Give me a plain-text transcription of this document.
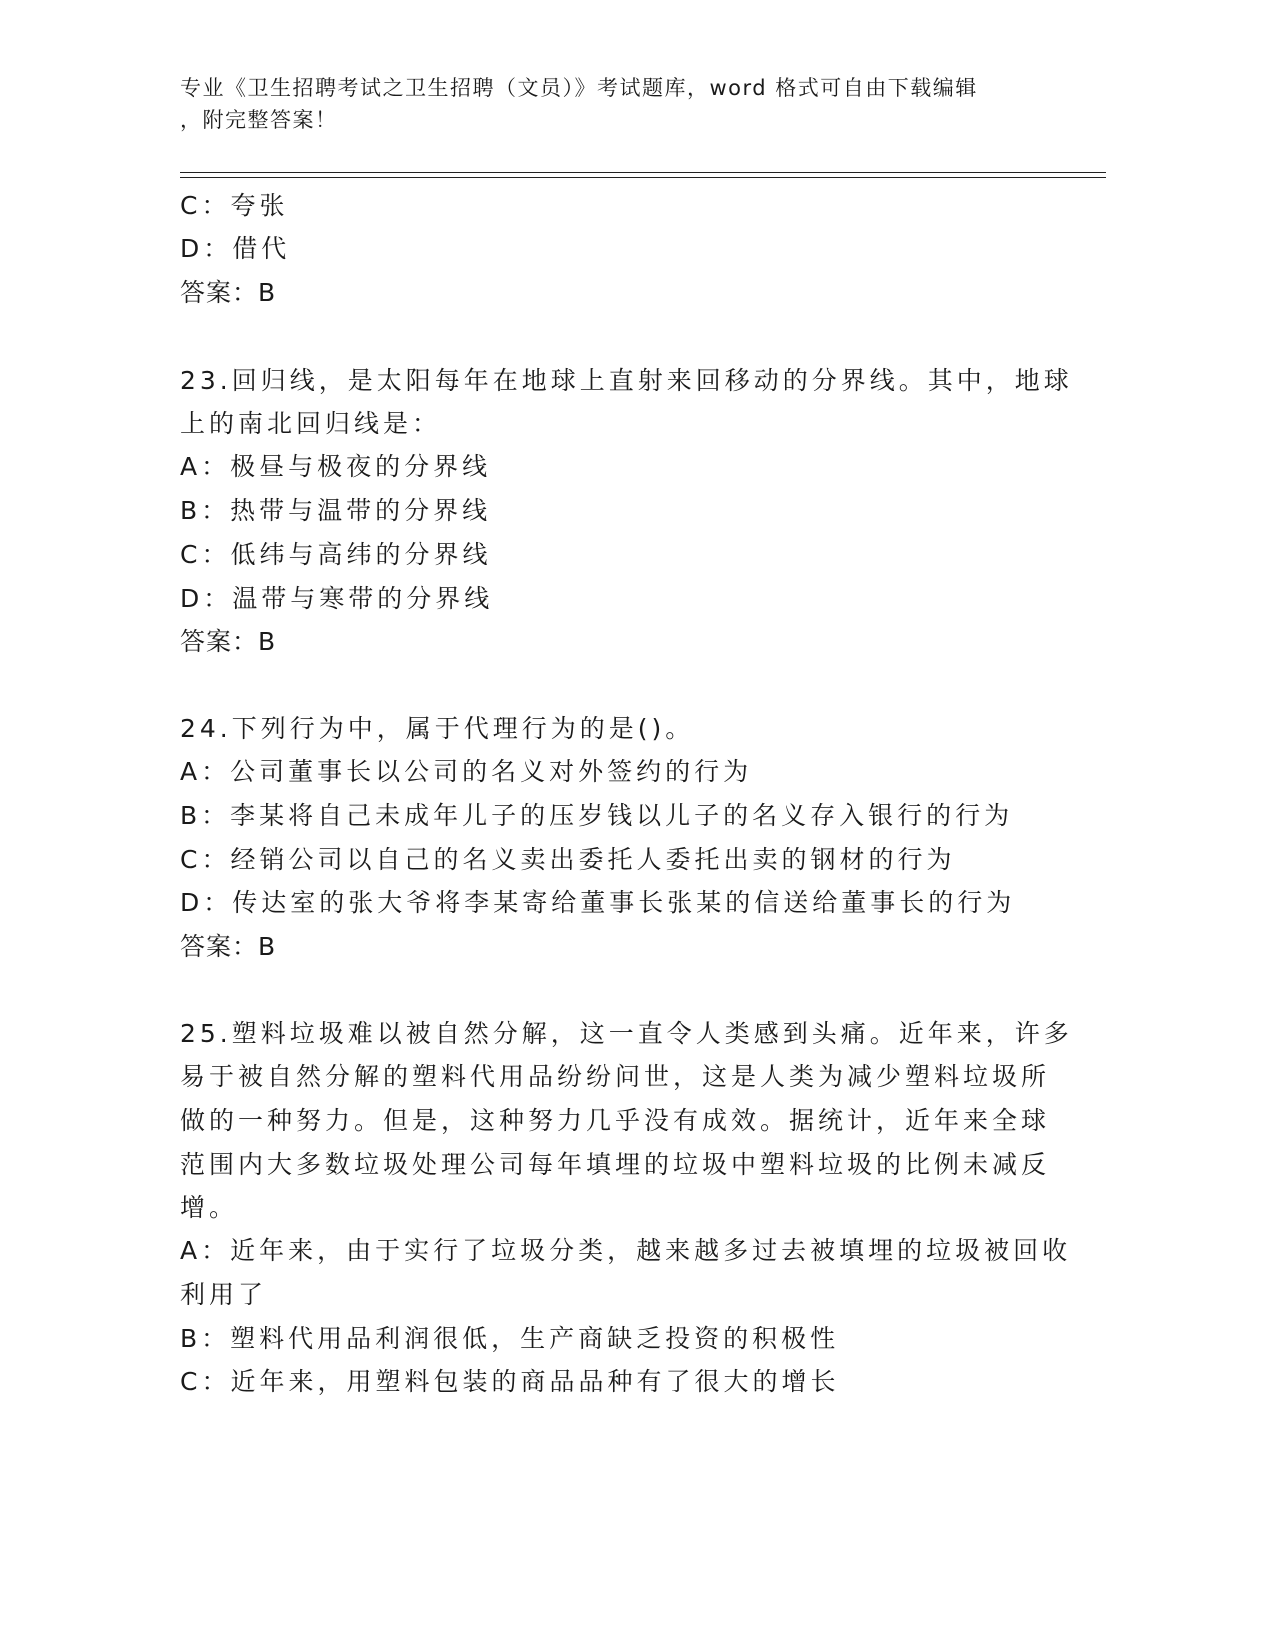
专业《卫生招聘考试之卫生招聘（文员）》考试题库，word 格式可自由下载编辑
，附完整答案！
C：夸张
D：借代
答案：B
23.回归线，是太阳每年在地球上直射来回移动的分界线。其中，地球
上的南北回归线是：
A：极昼与极夜的分界线
B：热带与温带的分界线
C：低纬与高纬的分界线
D：温带与寒带的分界线
答案：B
24.下列行为中，属于代理行为的是()。
A：公司董事长以公司的名义对外签约的行为
B：李某将自己未成年儿子的压岁钱以儿子的名义存入银行的行为
C：经销公司以自己的名义卖出委托人委托出卖的钢材的行为
D：传达室的张大爷将李某寄给董事长张某的信送给董事长的行为
答案：B
25.塑料垃圾难以被自然分解，这一直令人类感到头痛。近年来，许多
易于被自然分解的塑料代用品纷纷问世，这是人类为减少塑料垃圾所
做的一种努力。但是，这种努力几乎没有成效。据统计，近年来全球
范围内大多数垃圾处理公司每年填埋的垃圾中塑料垃圾的比例未减反
增。
A：近年来，由于实行了垃圾分类，越来越多过去被填埋的垃圾被回收
利用了
B：塑料代用品利润很低，生产商缺乏投资的积极性
C：近年来，用塑料包装的商品品种有了很大的增长
